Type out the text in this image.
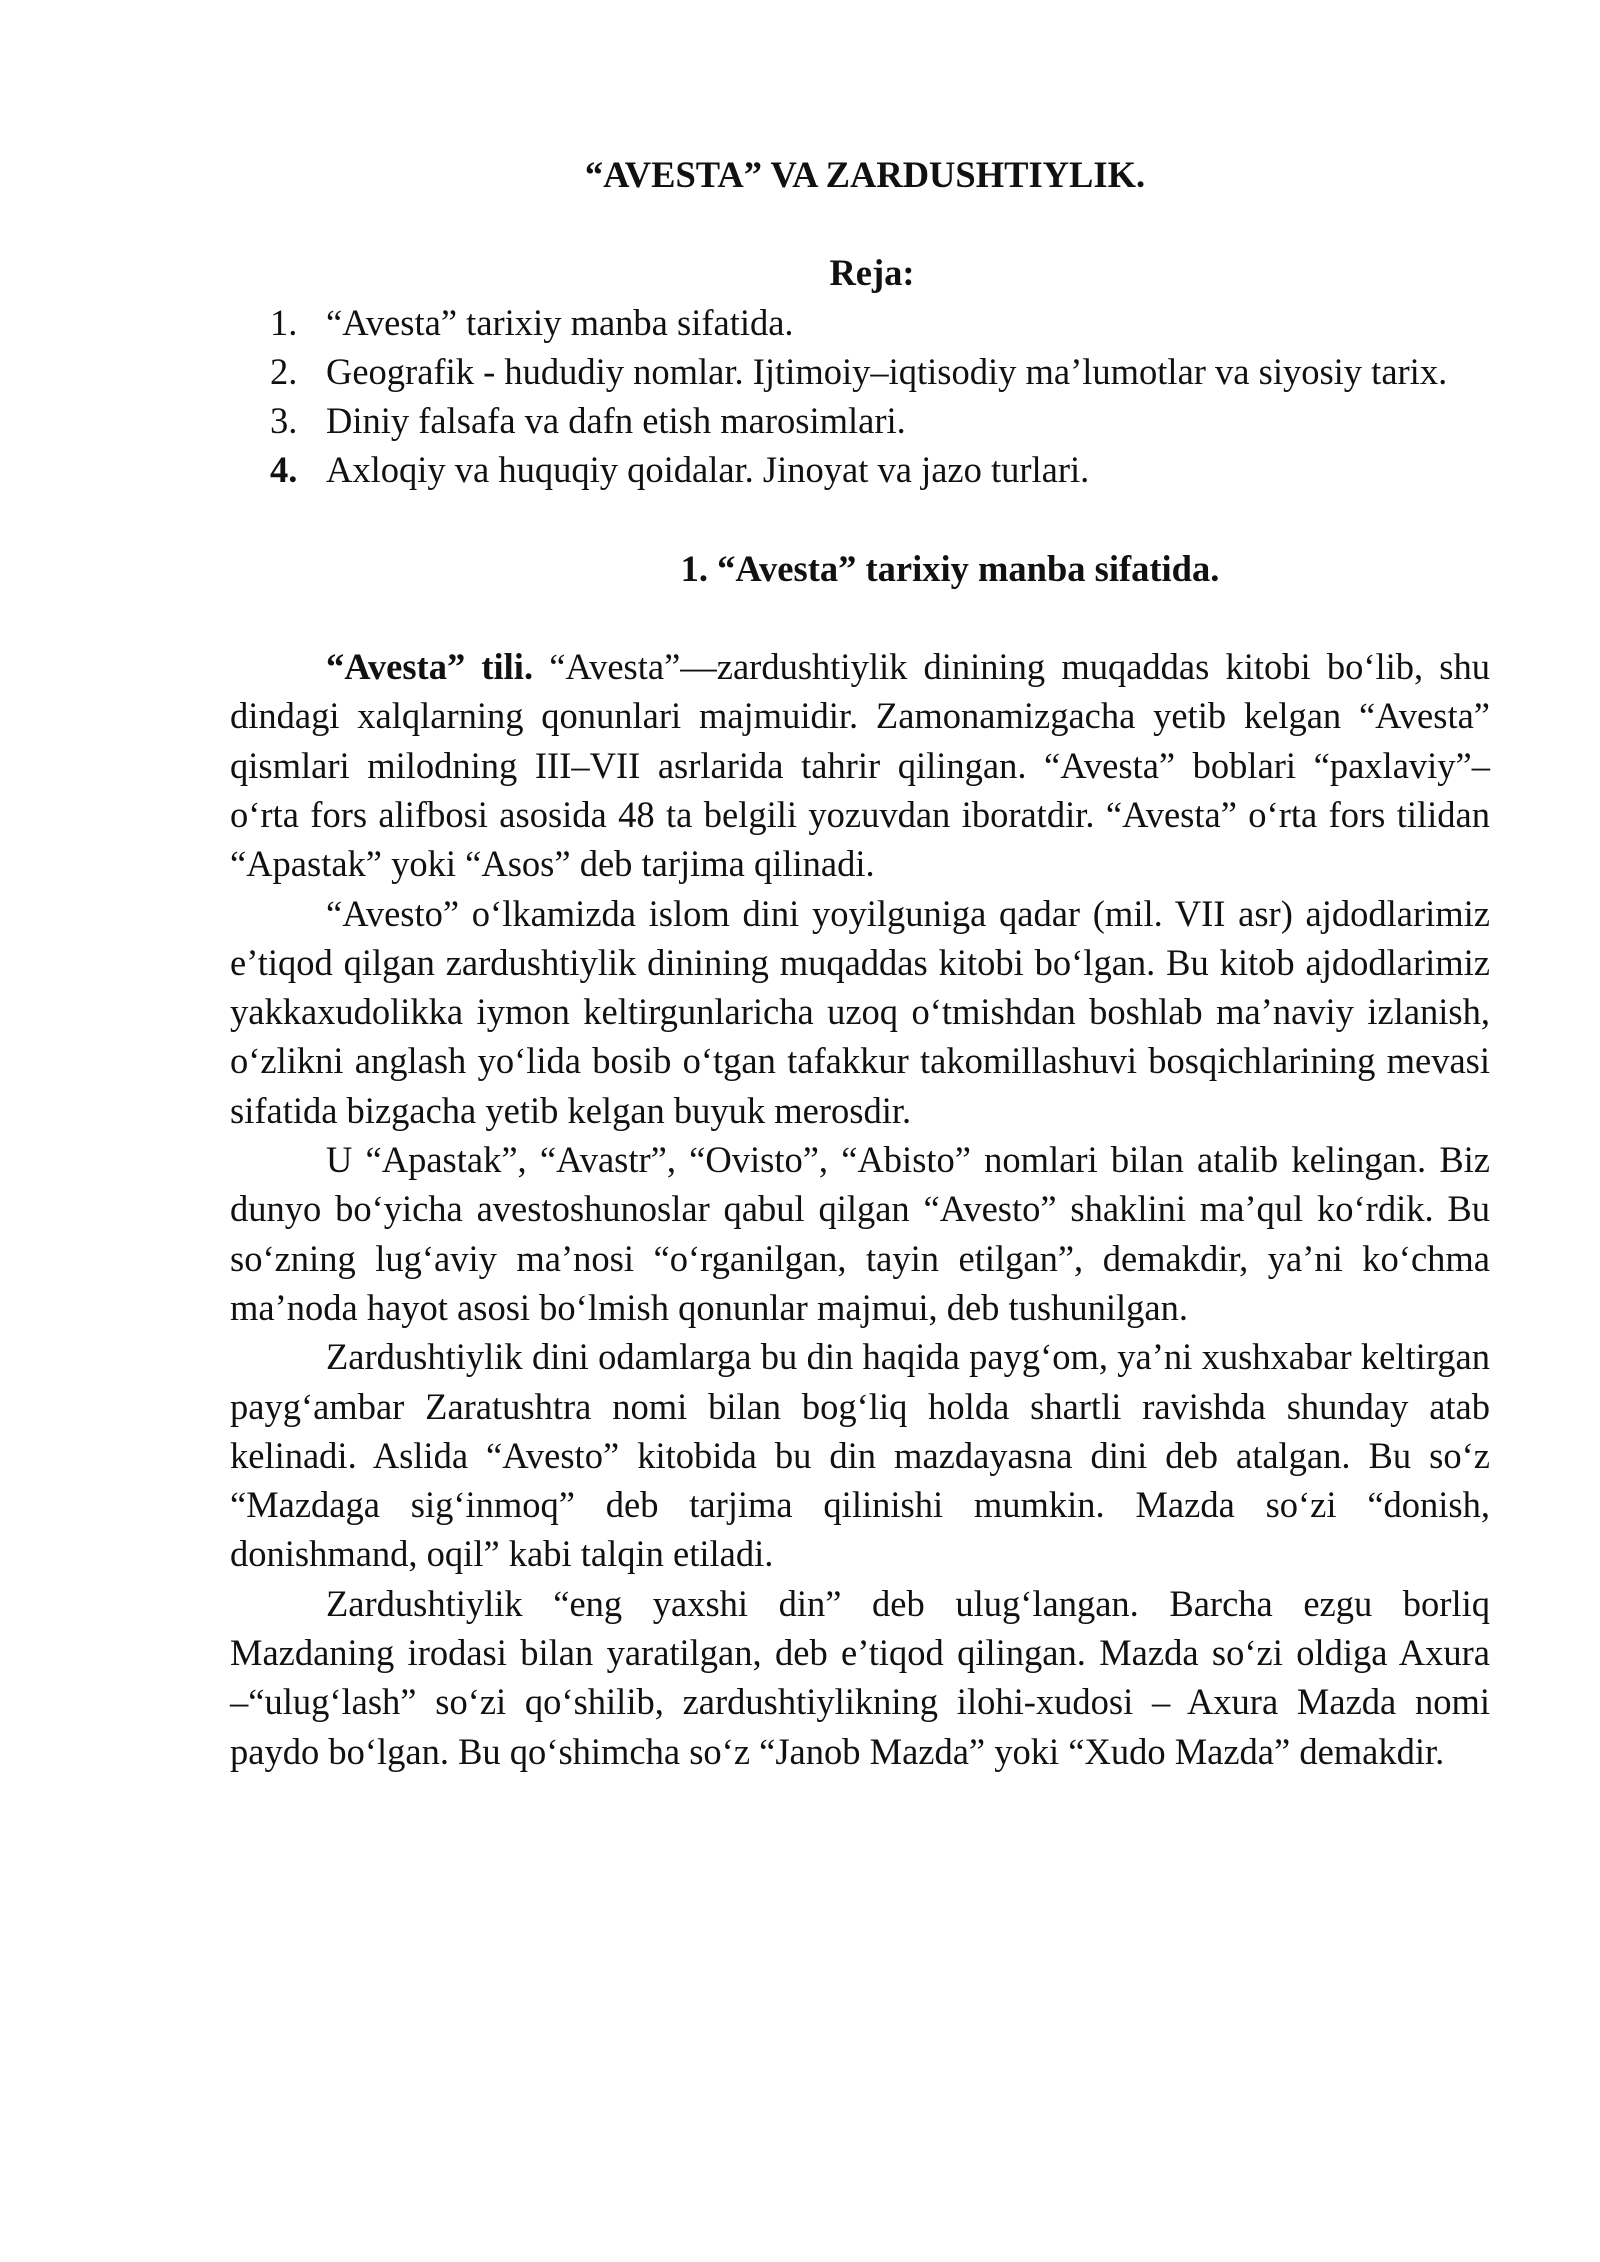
“AVESTA” VA ZARDUSHTIYLIK.
Reja:
1. “Avesta” tarixiy manba sifatida.
2. Geografik - hududiy nomlar. Ijtimoiy–iqtisodiy ma’lumotlar va siyosiy tarix.
3. Diniy falsafa va dafn etish marosimlari.
4. Axloqiy va huquqiy qoidalar. Jinoyat va jazo turlari.
1. “Avesta” tarixiy manba sifatida.

“Avesta” tili. “Avesta”—zardushtiylik dinining muqaddas kitobi bo‘lib, shu dindagi xalqlarning qonunlari majmuidir. Zamonamizgacha yetib kelgan “Avesta” qismlari milodning III–VII asrlarida tahrir qilingan. “Avesta” boblari “paxlaviy”– o‘rta fors alifbosi asosida 48 ta belgili yozuvdan iboratdir. “Avesta” o‘rta fors tilidan “Apastak” yoki “Asos” deb tarjima qilinadi.

“Avesto” o‘lkamizda islom dini yoyilguniga qadar (mil. VII asr) ajdodlarimiz e’tiqod qilgan zardushtiylik dinining muqaddas kitobi bo‘lgan. Bu kitob ajdodlarimiz yakkaxudolikka iymon keltirgunlaricha uzoq o‘tmishdan boshlab ma’naviy izlanish, o‘zlikni anglash yo‘lida bosib o‘tgan tafakkur takomillashuvi bosqichlarining mevasi sifatida bizgacha yetib kelgan buyuk merosdir.

U “Apastak”, “Avastr”, “Ovisto”, “Abisto” nomlari bilan atalib kelingan. Biz dunyo bo‘yicha avestoshunoslar qabul qilgan “Avesto” shaklini ma’qul ko‘rdik. Bu so‘zning lug‘aviy ma’nosi “o‘rganilgan, tayin etilgan”, demakdir, ya’ni ko‘chma ma’noda hayot asosi bo‘lmish qonunlar majmui, deb tushunilgan.

Zardushtiylik dini odamlarga bu din haqida payg‘om, ya’ni xushxabar keltirgan payg‘ambar Zaratushtra nomi bilan bog‘liq holda shartli ravishda shunday atab kelinadi. Aslida “Avesto” kitobida bu din mazdayasna dini deb atalgan. Bu so‘z “Mazdaga sig‘inmoq” deb tarjima qilinishi mumkin. Mazda so‘zi “donish, donishmand, oqil” kabi talqin etiladi.

Zardushtiylik “eng yaxshi din” deb ulug‘langan. Barcha ezgu borliq Mazdaning irodasi bilan yaratilgan, deb e’tiqod qilingan. Mazda so‘zi oldiga Axura –“ulug‘lash” so‘zi qo‘shilib, zardushtiylikning ilohi-xudosi – Axura Mazda nomi paydo bo‘lgan. Bu qo‘shimcha so‘z “Janob Mazda” yoki “Xudo Mazda” demakdir.
